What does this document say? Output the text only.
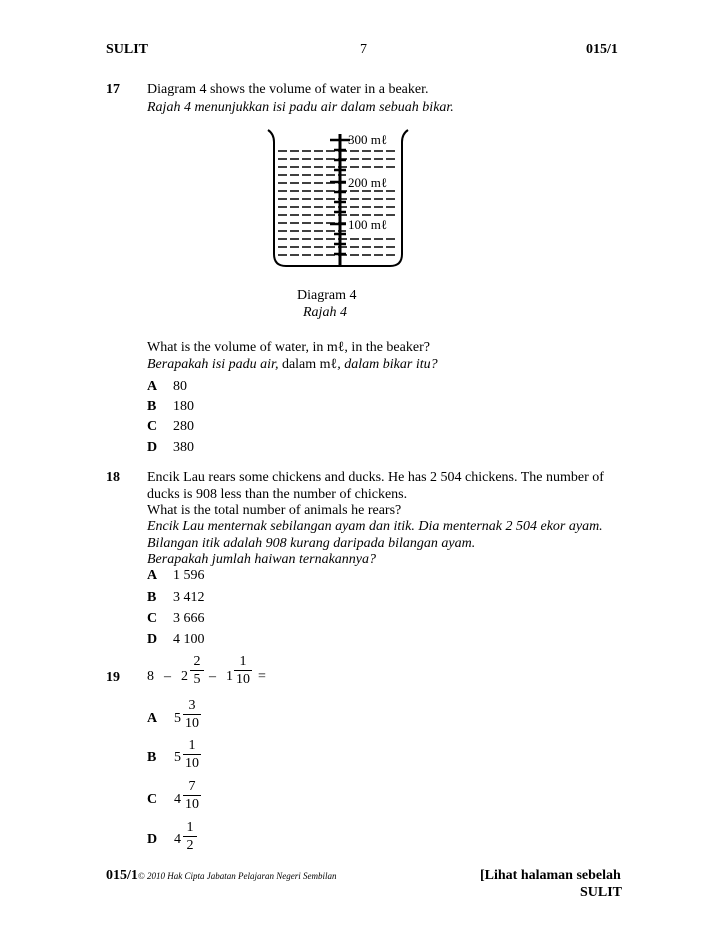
SULIT	7	015/1
17 Diagram 4 shows the volume of water in a beaker.
Rajah 4 menunjukkan isi padu air dalam sebuah bikar.
300 mℓ
200 mℓ
100 mℓ
Diagram 4
Rajah 4
What is the volume of water, in mℓ, in the beaker?
Berapakah isi padu air, dalam mℓ, dalam bikar itu?
A 80
B 180
C 280
D 380
18 Encik Lau rears some chickens and ducks. He has 2 504 chickens. The number of
ducks is 908 less than the number of chickens.
What is the total number of animals he rears?
Encik Lau menternak sebilangan ayam dan itik. Dia menternak 2 504 ekor ayam.
Bilangan itik adalah 908 kurang daripada bilangan ayam.
Berapakah jumlah haiwan ternakannya?
A 1 596
B 3 412
C 3 666
D 4 100
19 8 – 2
2
5 – 1
1
10 =
A 5
3
10
B 5
1
10
C 4
7
10
D 4
1
2
015/1© 2010 Hak Cipta Jabatan Pelajaran Negeri Sembilan	[Lihat halaman sebelah
SULIT
